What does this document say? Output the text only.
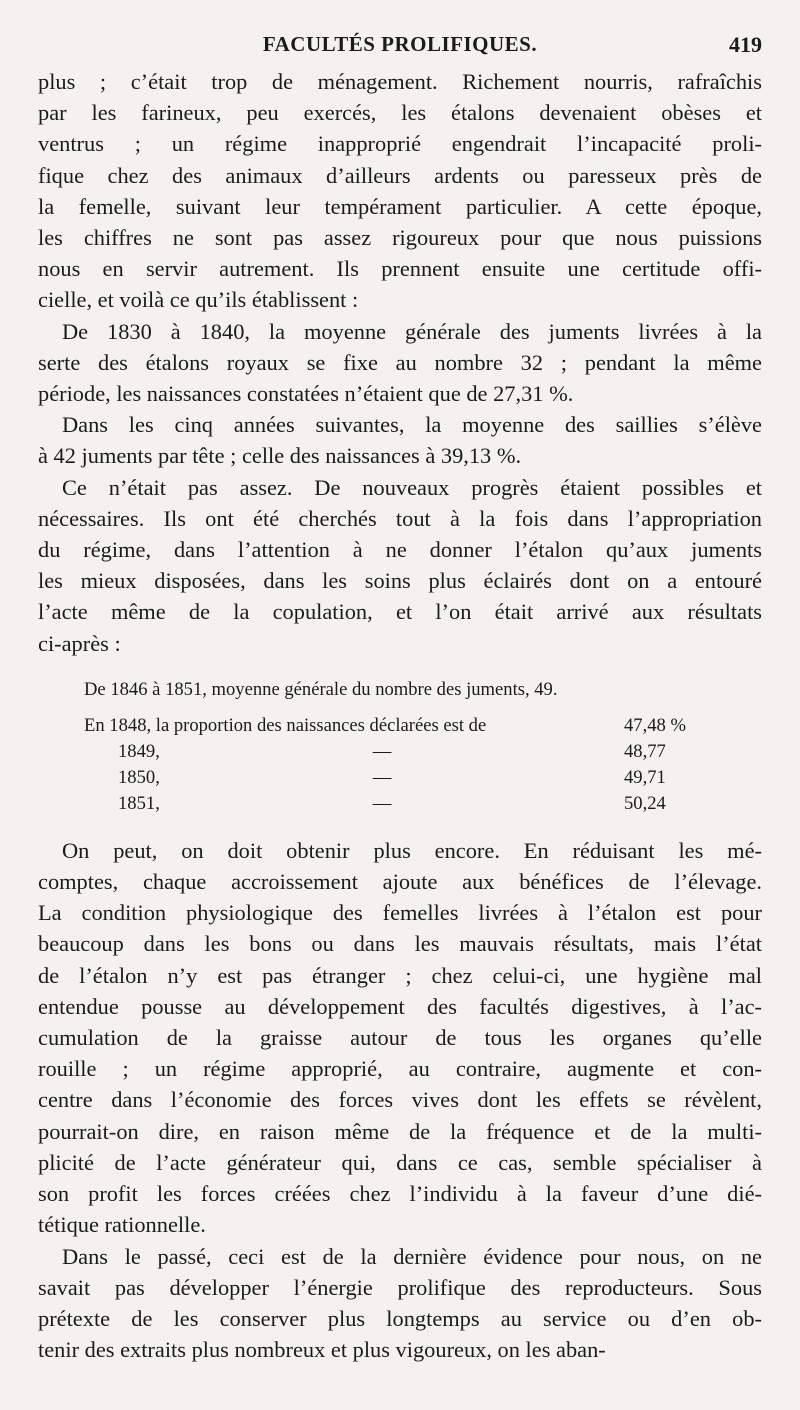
FACULTÉS PROLIFIQUES.	419
plus ; c’était trop de ménagement. Richement nourris, rafraîchis
par les farineux, peu exercés, les étalons devenaient obèses et
ventrus ; un régime inapproprié engendrait l’incapacité proli-
fique chez des animaux d’ailleurs ardents ou paresseux près de
la femelle, suivant leur tempérament particulier. A cette époque,
les chiffres ne sont pas assez rigoureux pour que nous puissions
nous en servir autrement. Ils prennent ensuite une certitude offi-
cielle, et voilà ce qu’ils établissent :
De 1830 à 1840, la moyenne générale des juments livrées à la
serte des étalons royaux se fixe au nombre 32 ; pendant la même
période, les naissances constatées n’étaient que de 27,31 %.
Dans les cinq années suivantes, la moyenne des saillies s’élève
à 42 juments par tête ; celle des naissances à 39,13 %.
Ce n’était pas assez. De nouveaux progrès étaient possibles et
nécessaires. Ils ont été cherchés tout à la fois dans l’appropriation
du régime, dans l’attention à ne donner l’étalon qu’aux juments
les mieux disposées, dans les soins plus éclairés dont on a entouré
l’acte même de la copulation, et l’on était arrivé aux résultats
ci-après :
De 1846 à 1851, moyenne générale du nombre des juments, 49.
En 1848, la proportion des naissances déclarées est de	47,48 %
1849,	—	48,77
1850,	—	49,71
1851,	—	50,24
On peut, on doit obtenir plus encore. En réduisant les mé-
comptes, chaque accroissement ajoute aux bénéfices de l’élevage.
La condition physiologique des femelles livrées à l’étalon est pour
beaucoup dans les bons ou dans les mauvais résultats, mais l’état
de l’étalon n’y est pas étranger ; chez celui-ci, une hygiène mal
entendue pousse au développement des facultés digestives, à l’ac-
cumulation de la graisse autour de tous les organes qu’elle
rouille ; un régime approprié, au contraire, augmente et con-
centre dans l’économie des forces vives dont les effets se révèlent,
pourrait-on dire, en raison même de la fréquence et de la multi-
plicité de l’acte générateur qui, dans ce cas, semble spécialiser à
son profit les forces créées chez l’individu à la faveur d’une dié-
tétique rationnelle.
Dans le passé, ceci est de la dernière évidence pour nous, on ne
savait pas développer l’énergie prolifique des reproducteurs. Sous
prétexte de les conserver plus longtemps au service ou d’en ob-
tenir des extraits plus nombreux et plus vigoureux, on les aban-
